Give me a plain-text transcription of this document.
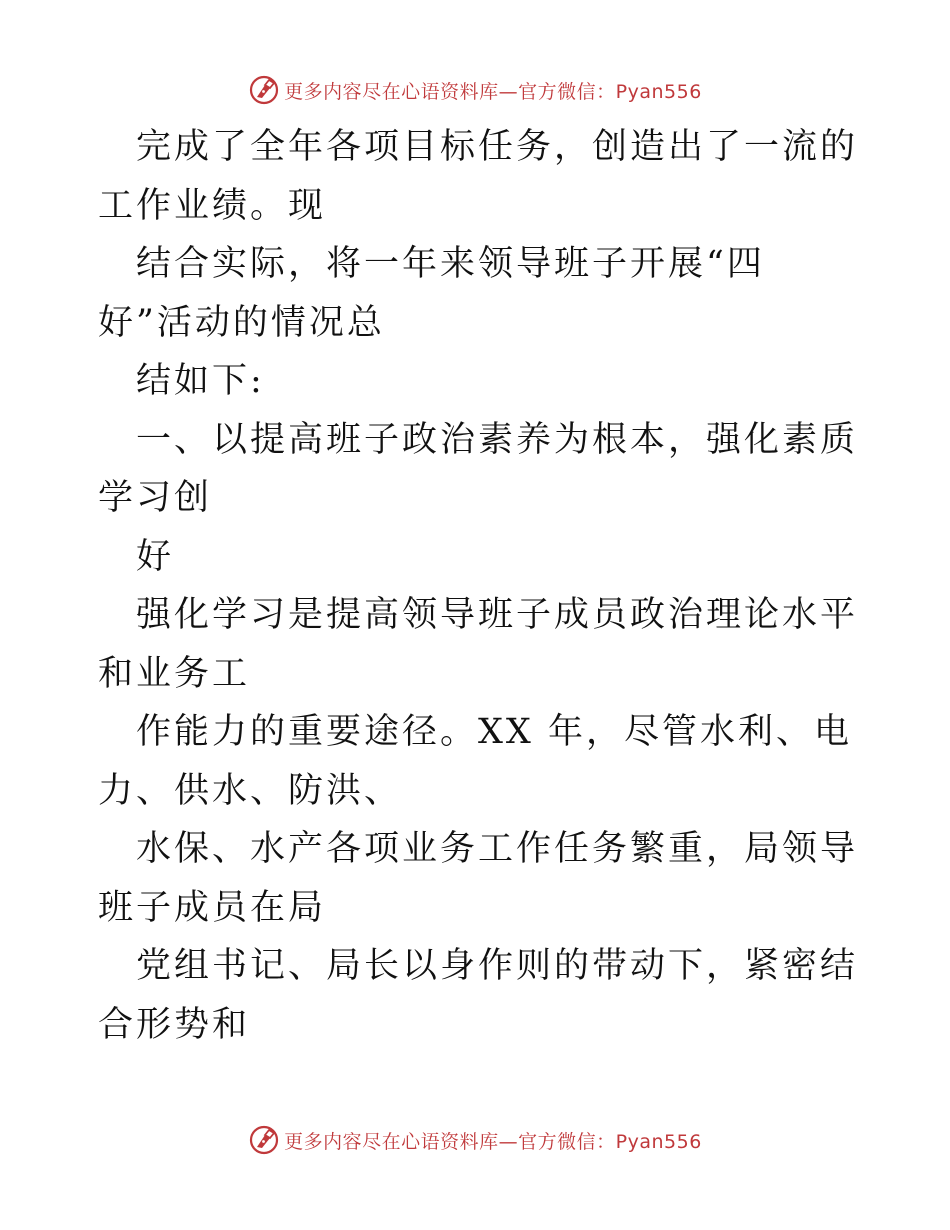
更多内容尽在心语资料库—官方微信：Pyan556

完成了全年各项目标任务，创造出了一流的工作业绩。现

结合实际，将一年来领导班子开展“四好”活动的情况总

结如下:

一、以提高班子政治素养为根本，强化素质学习创

好

强化学习是提高领导班子成员政治理论水平和业务工

作能力的重要途径。XX 年，尽管水利、电力、供水、防洪、

水保、水产各项业务工作任务繁重，局领导班子成员在局

党组书记、局长以身作则的带动下，紧密结合形势和

更多内容尽在心语资料库—官方微信：Pyan556
